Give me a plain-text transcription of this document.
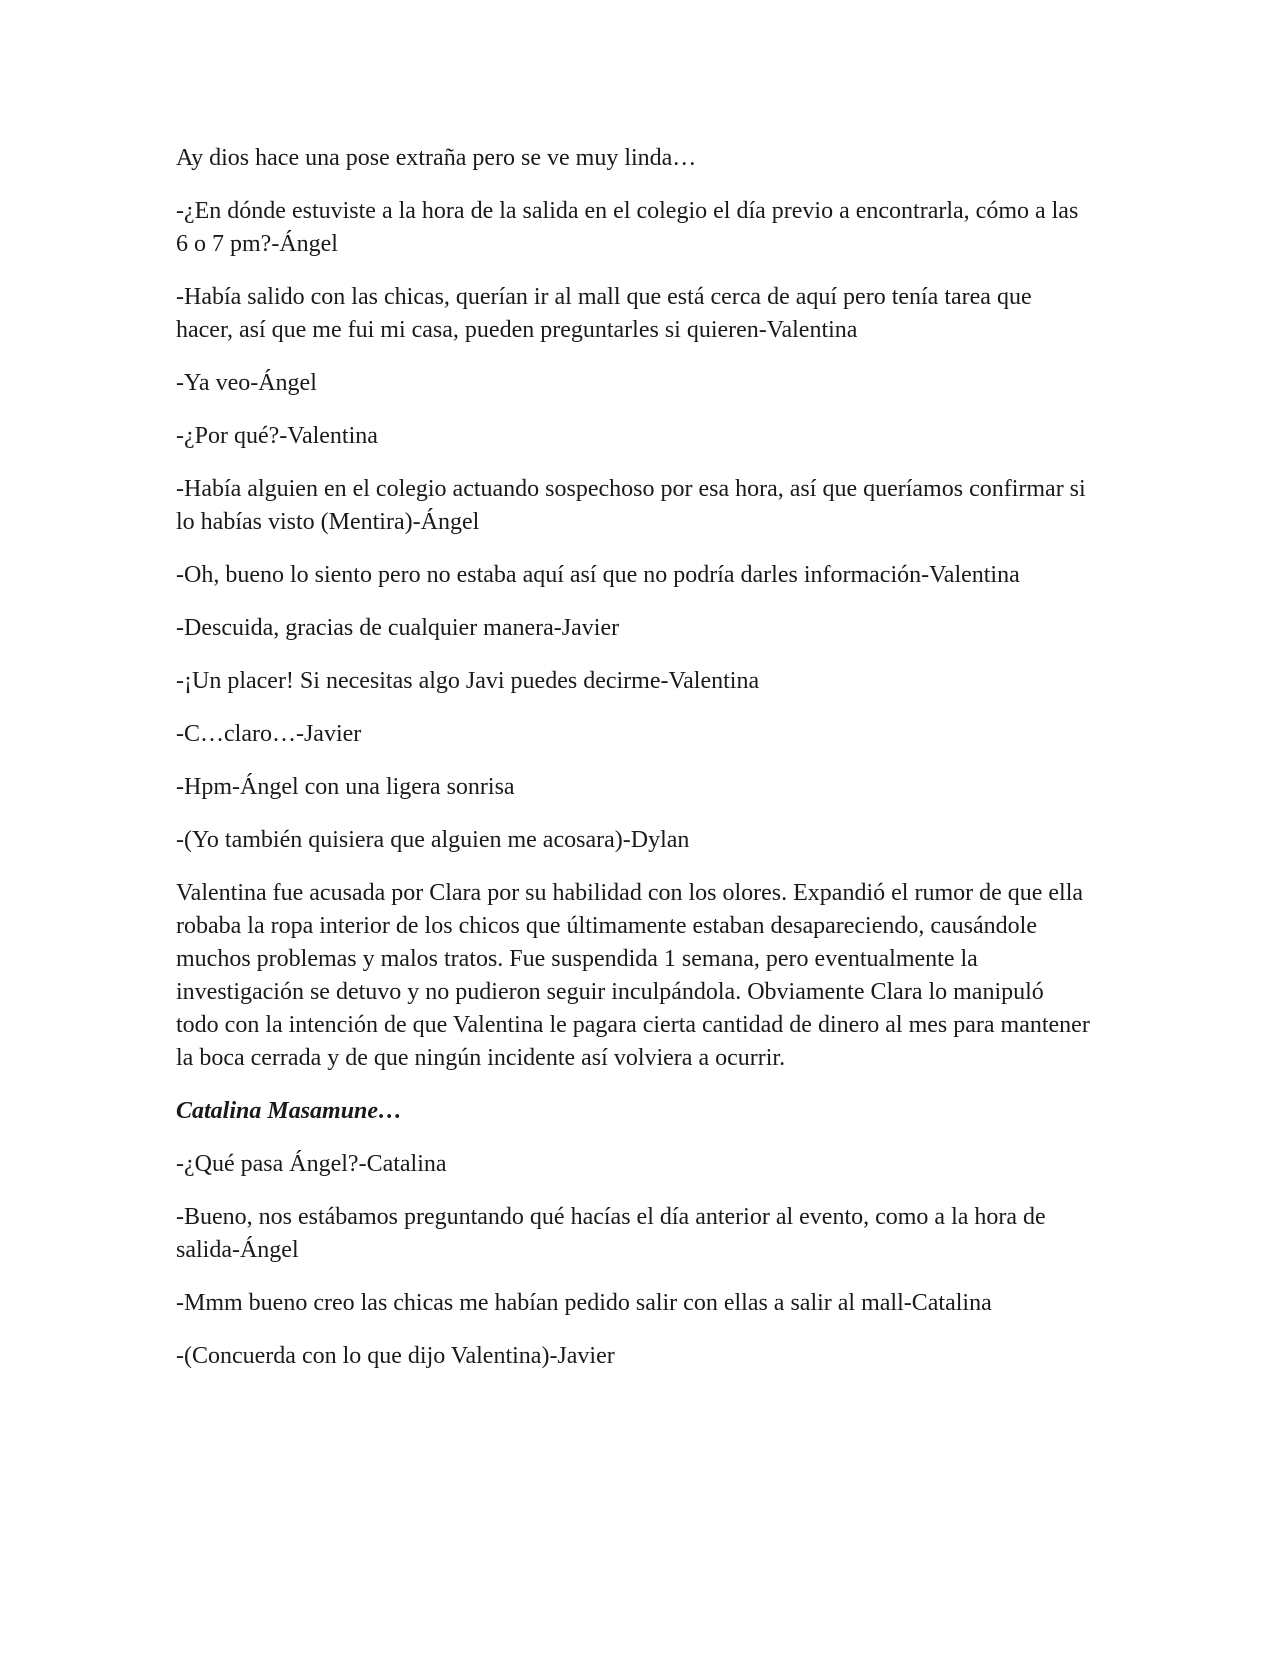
Ay dios hace una pose extraña pero se ve muy linda…

-¿En dónde estuviste a la hora de la salida en el colegio el día previo a encontrarla, cómo a las 6 o 7 pm?-Ángel

-Había salido con las chicas, querían ir al mall que está cerca de aquí pero tenía tarea que hacer, así que me fui mi casa, pueden preguntarles si quieren-Valentina

-Ya veo-Ángel

-¿Por qué?-Valentina

-Había alguien en el colegio actuando sospechoso por esa hora, así que queríamos confirmar si lo habías visto (Mentira)-Ángel

-Oh, bueno lo siento pero no estaba aquí así que no podría darles información-Valentina

-Descuida, gracias de cualquier manera-Javier

-¡Un placer! Si necesitas algo Javi puedes decirme-Valentina

-C…claro…-Javier

-Hpm-Ángel con una ligera sonrisa

-(Yo también quisiera que alguien me acosara)-Dylan

Valentina fue acusada por Clara por su habilidad con los olores. Expandió el rumor de que ella robaba la ropa interior de los chicos que últimamente estaban desapareciendo, causándole muchos problemas y malos tratos. Fue suspendida 1 semana, pero eventualmente la investigación se detuvo y no pudieron seguir inculpándola. Obviamente Clara lo manipuló todo con la intención de que Valentina le pagara cierta cantidad de dinero al mes para mantener la boca cerrada y de que ningún incidente así volviera a ocurrir.

Catalina Masamune…

-¿Qué pasa Ángel?-Catalina

-Bueno, nos estábamos preguntando qué hacías el día anterior al evento, como a la hora de salida-Ángel

-Mmm bueno creo las chicas me habían pedido salir con ellas a salir al mall-Catalina

-(Concuerda con lo que dijo Valentina)-Javier
